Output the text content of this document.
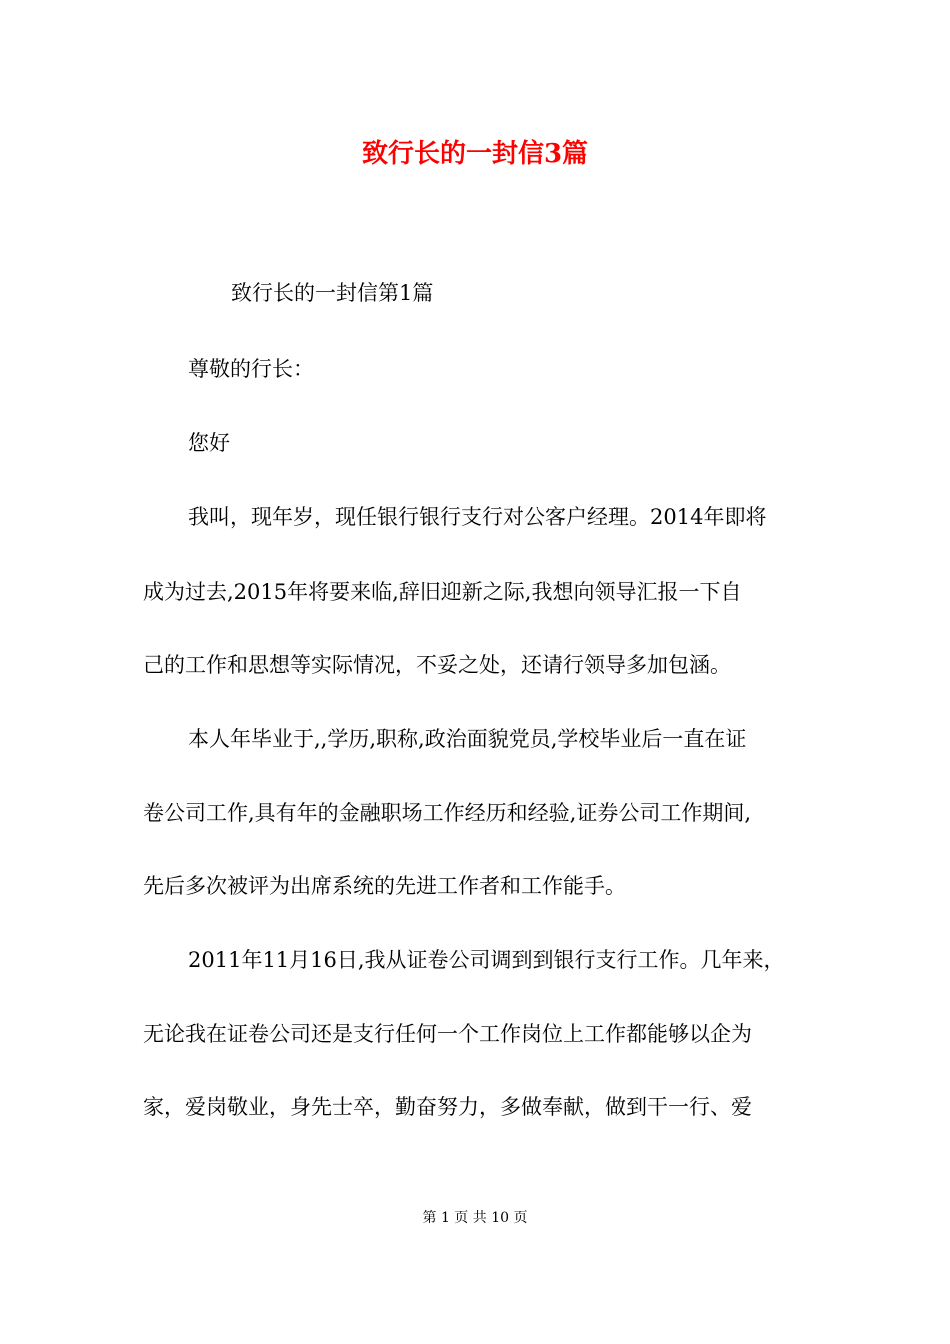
致行长的一封信3篇
致行长的一封信第1篇
尊敬的行长：
您好
我叫，现年岁，现任银行银行支行对公客户经理。2014年即将
成为过去,2015年将要来临,辞旧迎新之际,我想向领导汇报一下自
己的工作和思想等实际情况，不妥之处，还请行领导多加包涵。
本人年毕业于,,学历,职称,政治面貌党员,学校毕业后一直在证
卷公司工作,具有年的金融职场工作经历和经验,证券公司工作期间,
先后多次被评为出席系统的先进工作者和工作能手。
2011年11月16日,我从证卷公司调到到银行支行工作。几年来，
无论我在证卷公司还是支行任何一个工作岗位上工作都能够以企为
家，爱岗敬业，身先士卒，勤奋努力，多做奉献，做到干一行、爱
第 1 页 共 10 页
